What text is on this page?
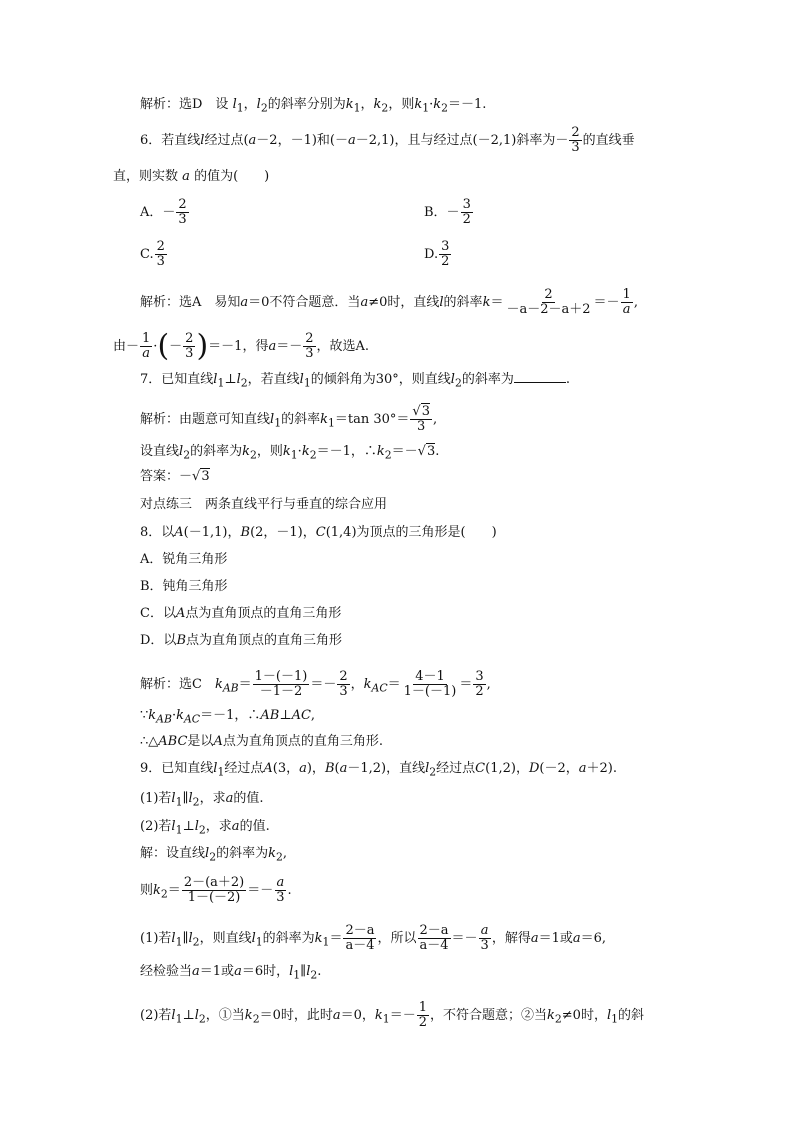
解析：选D　设 $l_1$，$l_2$的斜率分别为$k_1$，$k_2$，则$k_1\cdot k_2=-1$.
6．若直线l经过点(a－2，－1)和(－a－2,1)，且与经过点(－2,1)斜率为－ $\frac{2}{3}$ 的直线垂
直，则实数 a 的值为(　　)
A．－ $\frac{2}{3}$	B．－ $\frac{3}{2}$
C. $\frac{2}{3}$	D. $\frac{3}{2}$
解析：选A　易知a＝0不符合题意．当a≠0时，直线l的斜率$k= \frac{2}{-a-2-a+2} =- \frac{1}{a}$ ,
由－ $\frac{1}{a}$ ·(－ $\frac{2}{3} )=-1$，得$a=- \frac{2}{3}$ ，故选A.
7．已知直线$l_1\perp l_2$，若直线$l_1$的倾斜角为30°，则直线$l_2$的斜率为	.
解析：由题意可知直线$l_1$的斜率$k_1=\tan$ $30^\circ= \frac{√3}{3}$ ,
设直线$l_2$的斜率为$k_2$，则$k_1\cdot k_2=-1$，$\therefore k_2=-√3$.
答案：－√3
对点练三　两条直线平行与垂直的综合应用
8．以A(－1,1)，B(2，－1)，C(1,4)为顶点的三角形是(　　)
A．锐角三角形
B．钝角三角形
C．以A点为直角顶点的直角三角形
D．以B点为直角顶点的直角三角形
解析：选C　$k_{AB}= \frac{1-(-1)}{-1-2} =- \frac{2}{3}$ ，$k_{AC}= \frac{4-1}{1-(-1)} = \frac{3}{2}$ ,
$\because k_{AB}\cdot k_{AC}=-1$，∴AB⊥AC,
∴△ABC是以A点为直角顶点的直角三角形.
9．已知直线$l_1$经过点A(3，a)，B(a－1,2)，直线$l_2$经过点C(1,2)，D(－2，a＋2).
(1)若$l_1\parallel l_2$，求a的值.
(2)若$l_1\perp l_2$，求a的值.
解：设直线$l_2$的斜率为$k_2$,
则$k_2= \frac{2-(a+2)}{1-(-2)} =- \frac{a}{3}$ .
(1)若$l_1\parallel l_2$，则直线$l_1$的斜率为$k_1= \frac{2-a}{a-4}$ ，所以 $\frac{2-a}{a-4} =- \frac{a}{3}$ ，解得a＝1或a＝6,
经检验当a＝1或a＝6时，$l_1\parallel l_2$.
(2)若$l_1\perp l_2$，①当$k_2=0$时，此时a＝0，$k_1=- \frac{1}{2}$ ，不符合题意；②当$k_2\ne 0$时，$l_1$的斜
